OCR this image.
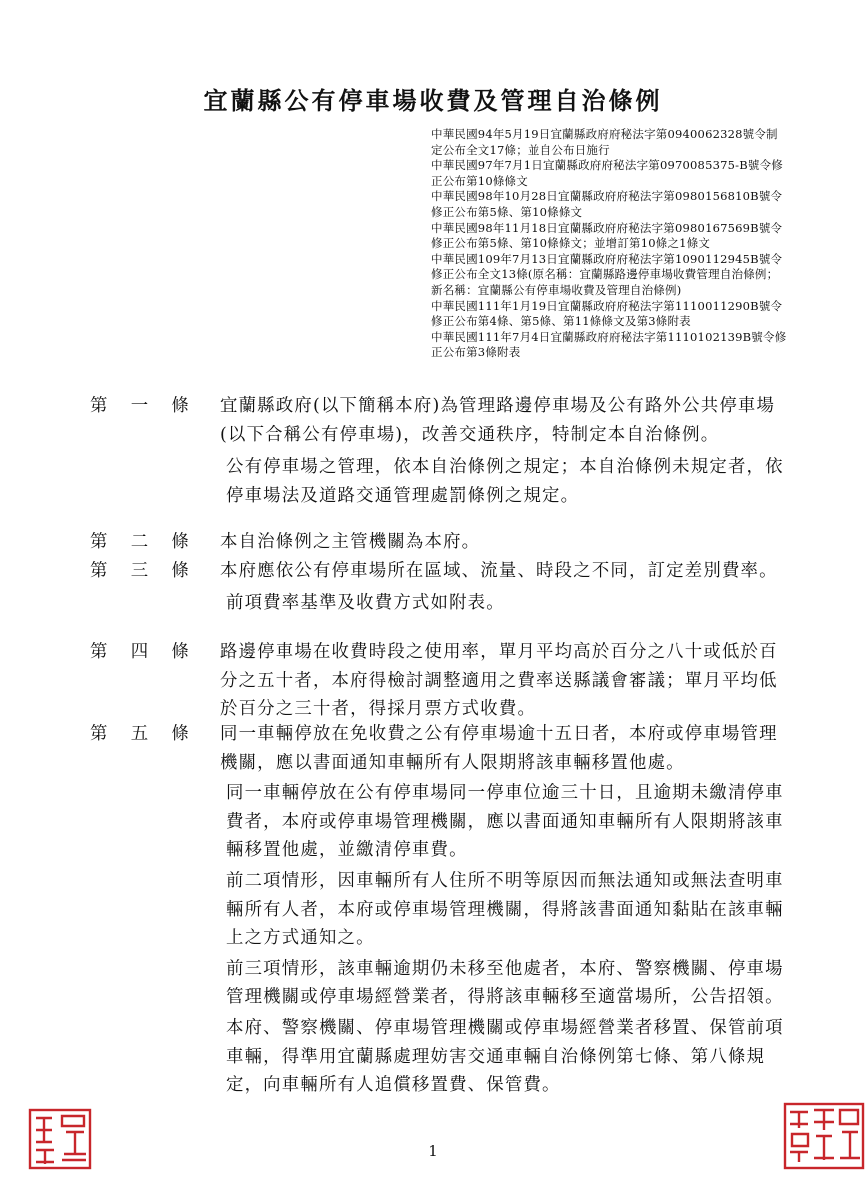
宜蘭縣公有停車場收費及管理自治條例

中華民國94年5月19日宜蘭縣政府府秘法字第0940062328號令制定公布全文17條；並自公布日施行

中華民國97年7月1日宜蘭縣政府府秘法字第0970085375-B號令修正公布第10條條文

中華民國98年10月28日宜蘭縣政府府秘法字第0980156810B號令修正公布第5條、第10條條文

中華民國98年11月18日宜蘭縣政府府秘法字第0980167569B號令修正公布第5條、第10條條文；並增訂第10條之1條文

中華民國109年7月13日宜蘭縣政府府秘法字第1090112945B號令修正公布全文13條(原名稱：宜蘭縣路邊停車場收費管理自治條例；新名稱：宜蘭縣公有停車場收費及管理自治條例)

中華民國111年1月19日宜蘭縣政府府秘法字第1110011290B號令修正公布第4條、第5條、第11條條文及第3條附表

中華民國111年7月4日宜蘭縣政府府秘法字第1110102139B號令修正公布第3條附表

第 一 條	宜蘭縣政府(以下簡稱本府)為管理路邊停車場及公有路外公共停車場(以下合稱公有停車場)，改善交通秩序，特制定本自治條例。

公有停車場之管理，依本自治條例之規定；本自治條例未規定者，依停車場法及道路交通管理處罰條例之規定。

第 二 條	本自治條例之主管機關為本府。

第 三 條	本府應依公有停車場所在區域、流量、時段之不同，訂定差別費率。

前項費率基準及收費方式如附表。

第 四 條	路邊停車場在收費時段之使用率，單月平均高於百分之八十或低於百分之五十者，本府得檢討調整適用之費率送縣議會審議；單月平均低於百分之三十者，得採月票方式收費。

第 五 條	同一車輛停放在免收費之公有停車場逾十五日者，本府或停車場管理機關，應以書面通知車輛所有人限期將該車輛移置他處。

同一車輛停放在公有停車場同一停車位逾三十日，且逾期未繳清停車費者，本府或停車場管理機關，應以書面通知車輛所有人限期將該車輛移置他處，並繳清停車費。

前二項情形，因車輛所有人住所不明等原因而無法通知或無法查明車輛所有人者，本府或停車場管理機關，得將該書面通知黏貼在該車輛上之方式通知之。

前三項情形，該車輛逾期仍未移至他處者，本府、警察機關、停車場管理機關或停車場經營業者，得將該車輛移至適當場所，公告招領。

本府、警察機關、停車場管理機關或停車場經營業者移置、保管前項車輛，得準用宜蘭縣處理妨害交通車輛自治條例第七條、第八條規定，向車輛所有人追償移置費、保管費。

1
